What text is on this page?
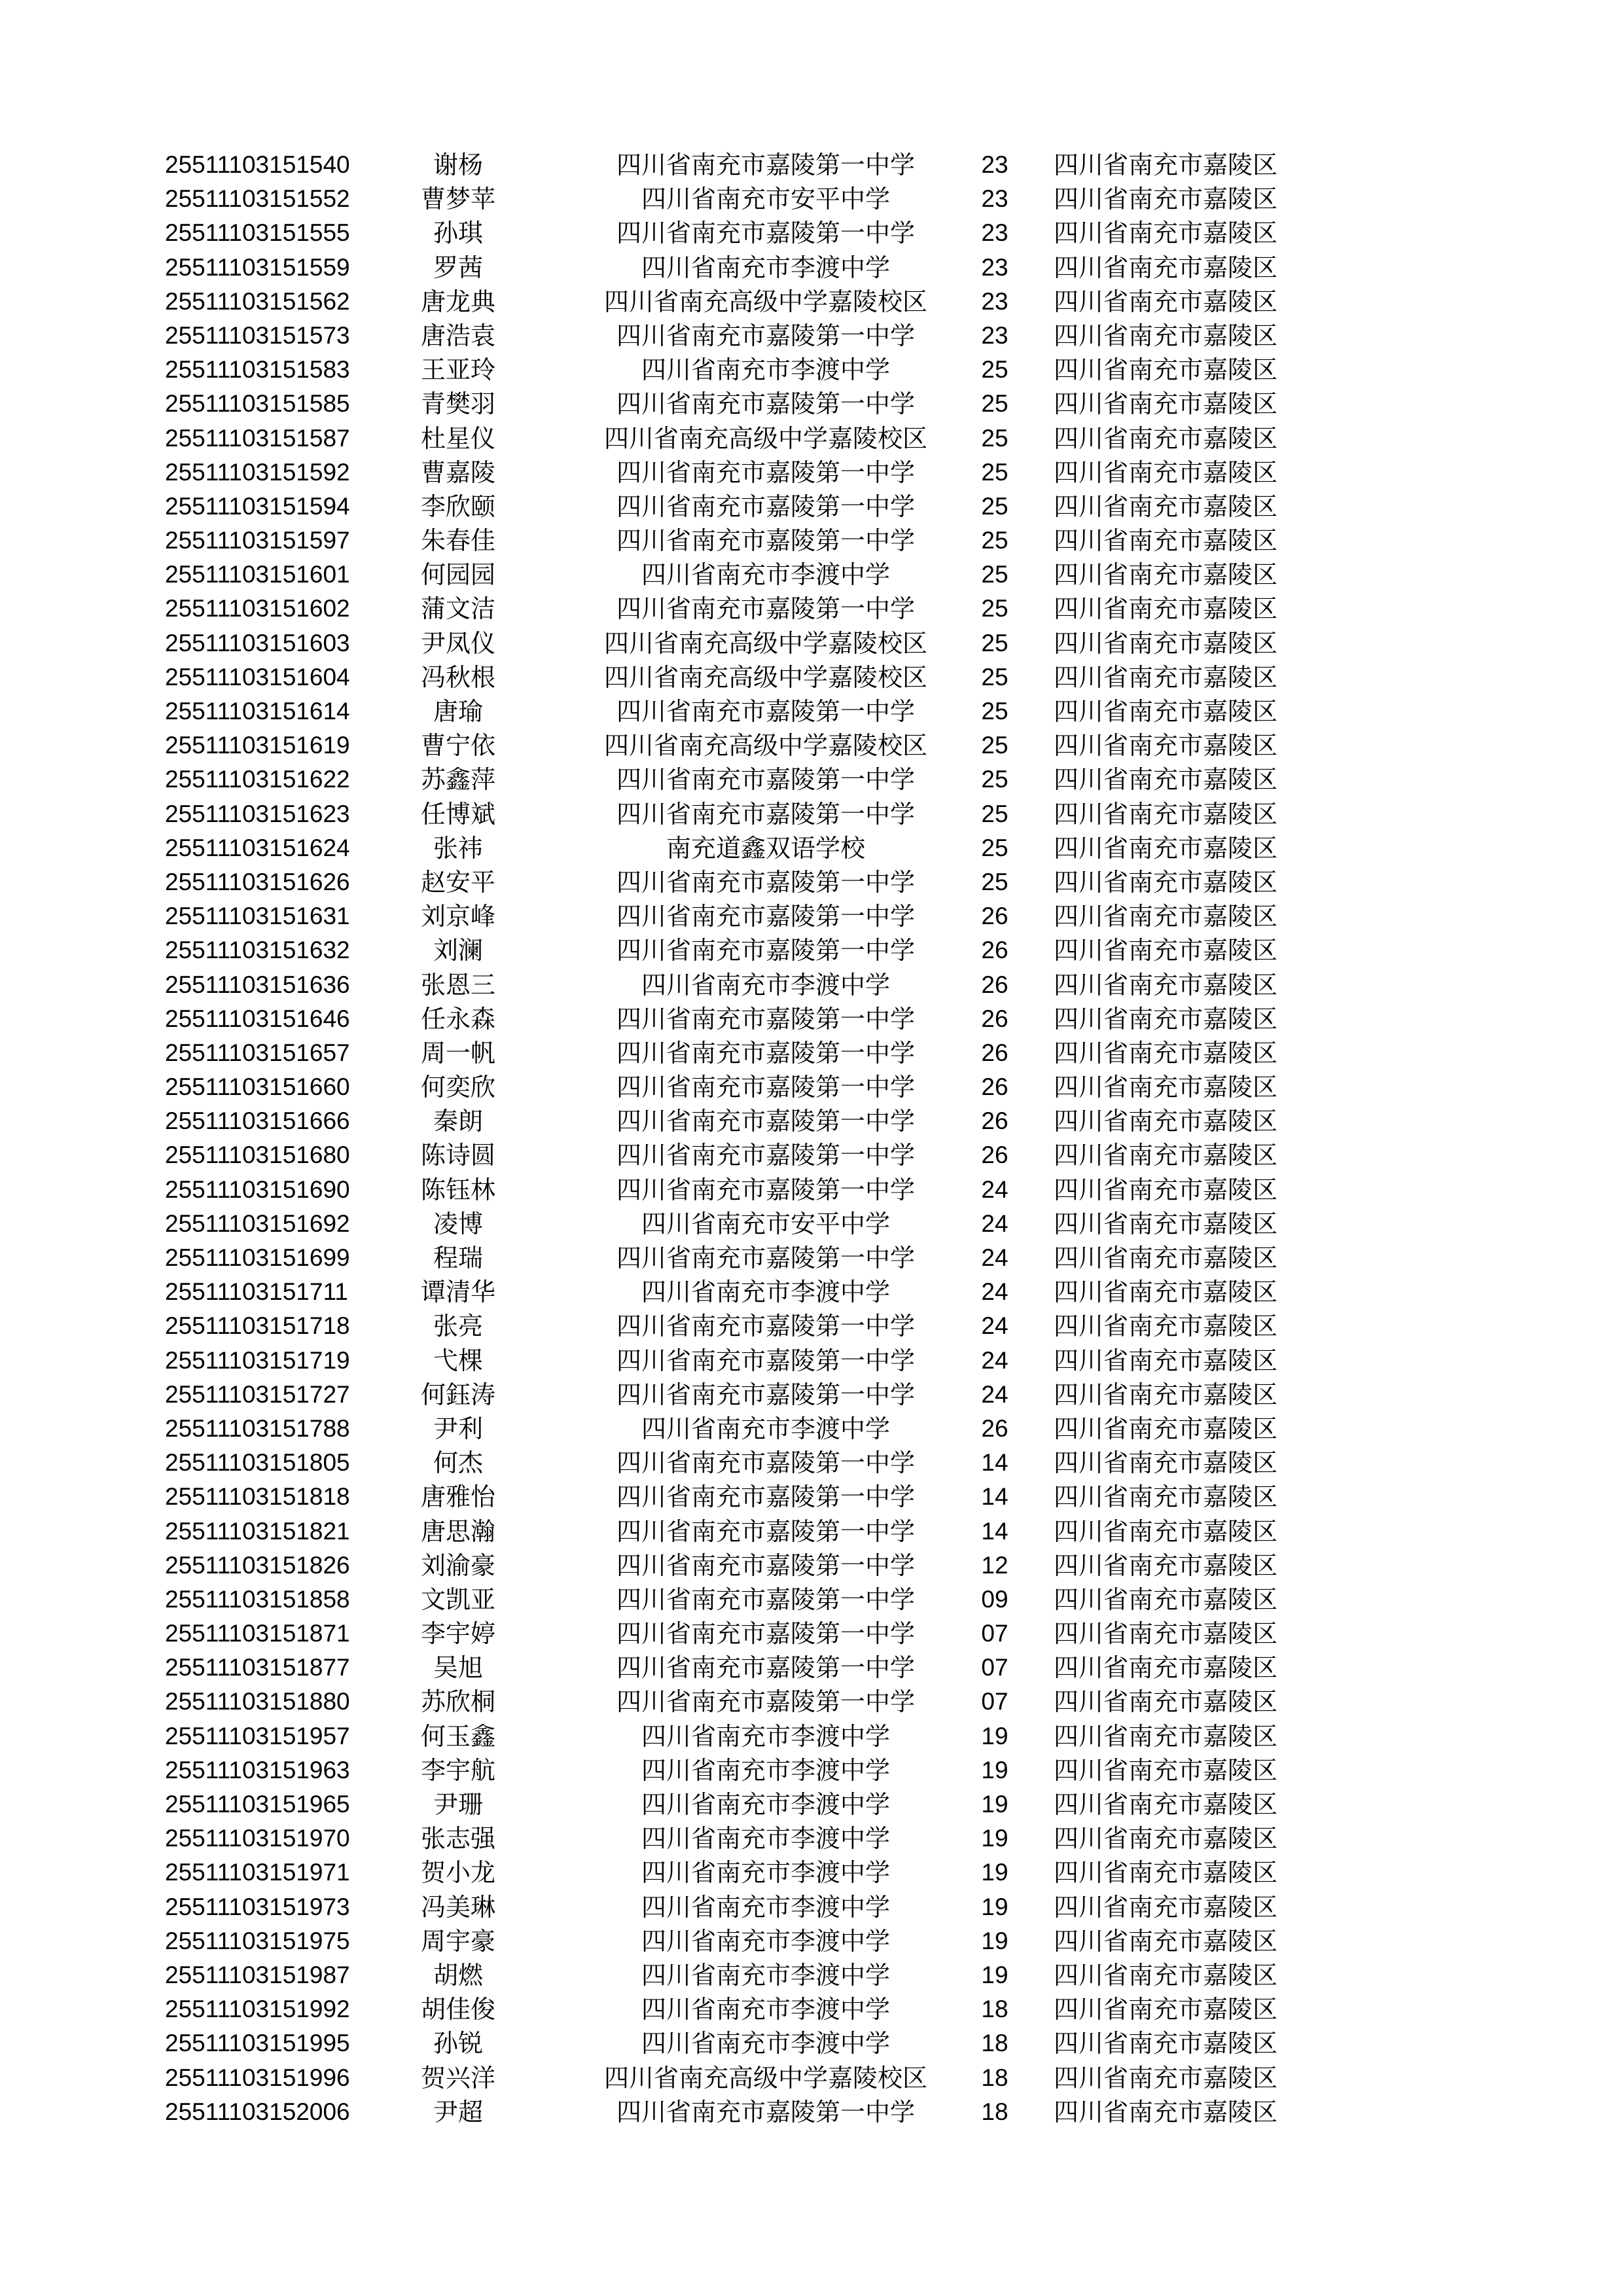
25511103151540	谢杨	四川省南充市嘉陵第一中学	23	四川省南充市嘉陵区
25511103151552	曹梦苹	四川省南充市安平中学	23	四川省南充市嘉陵区
25511103151555	孙琪	四川省南充市嘉陵第一中学	23	四川省南充市嘉陵区
25511103151559	罗茜	四川省南充市李渡中学	23	四川省南充市嘉陵区
25511103151562	唐龙典	四川省南充高级中学嘉陵校区	23	四川省南充市嘉陵区
25511103151573	唐浩袁	四川省南充市嘉陵第一中学	23	四川省南充市嘉陵区
25511103151583	王亚玲	四川省南充市李渡中学	25	四川省南充市嘉陵区
25511103151585	青樊羽	四川省南充市嘉陵第一中学	25	四川省南充市嘉陵区
25511103151587	杜星仪	四川省南充高级中学嘉陵校区	25	四川省南充市嘉陵区
25511103151592	曹嘉陵	四川省南充市嘉陵第一中学	25	四川省南充市嘉陵区
25511103151594	李欣颐	四川省南充市嘉陵第一中学	25	四川省南充市嘉陵区
25511103151597	朱春佳	四川省南充市嘉陵第一中学	25	四川省南充市嘉陵区
25511103151601	何园园	四川省南充市李渡中学	25	四川省南充市嘉陵区
25511103151602	蒲文洁	四川省南充市嘉陵第一中学	25	四川省南充市嘉陵区
25511103151603	尹凤仪	四川省南充高级中学嘉陵校区	25	四川省南充市嘉陵区
25511103151604	冯秋根	四川省南充高级中学嘉陵校区	25	四川省南充市嘉陵区
25511103151614	唐瑜	四川省南充市嘉陵第一中学	25	四川省南充市嘉陵区
25511103151619	曹宁依	四川省南充高级中学嘉陵校区	25	四川省南充市嘉陵区
25511103151622	苏鑫萍	四川省南充市嘉陵第一中学	25	四川省南充市嘉陵区
25511103151623	任博斌	四川省南充市嘉陵第一中学	25	四川省南充市嘉陵区
25511103151624	张祎	南充道鑫双语学校	25	四川省南充市嘉陵区
25511103151626	赵安平	四川省南充市嘉陵第一中学	25	四川省南充市嘉陵区
25511103151631	刘京峰	四川省南充市嘉陵第一中学	26	四川省南充市嘉陵区
25511103151632	刘澜	四川省南充市嘉陵第一中学	26	四川省南充市嘉陵区
25511103151636	张恩三	四川省南充市李渡中学	26	四川省南充市嘉陵区
25511103151646	任永森	四川省南充市嘉陵第一中学	26	四川省南充市嘉陵区
25511103151657	周一帆	四川省南充市嘉陵第一中学	26	四川省南充市嘉陵区
25511103151660	何奕欣	四川省南充市嘉陵第一中学	26	四川省南充市嘉陵区
25511103151666	秦朗	四川省南充市嘉陵第一中学	26	四川省南充市嘉陵区
25511103151680	陈诗圆	四川省南充市嘉陵第一中学	26	四川省南充市嘉陵区
25511103151690	陈钰林	四川省南充市嘉陵第一中学	24	四川省南充市嘉陵区
25511103151692	凌博	四川省南充市安平中学	24	四川省南充市嘉陵区
25511103151699	程瑞	四川省南充市嘉陵第一中学	24	四川省南充市嘉陵区
25511103151711	谭清华	四川省南充市李渡中学	24	四川省南充市嘉陵区
25511103151718	张亮	四川省南充市嘉陵第一中学	24	四川省南充市嘉陵区
25511103151719	弋棵	四川省南充市嘉陵第一中学	24	四川省南充市嘉陵区
25511103151727	何鈺涛	四川省南充市嘉陵第一中学	24	四川省南充市嘉陵区
25511103151788	尹利	四川省南充市李渡中学	26	四川省南充市嘉陵区
25511103151805	何杰	四川省南充市嘉陵第一中学	14	四川省南充市嘉陵区
25511103151818	唐雅怡	四川省南充市嘉陵第一中学	14	四川省南充市嘉陵区
25511103151821	唐思瀚	四川省南充市嘉陵第一中学	14	四川省南充市嘉陵区
25511103151826	刘渝豪	四川省南充市嘉陵第一中学	12	四川省南充市嘉陵区
25511103151858	文凯亚	四川省南充市嘉陵第一中学	09	四川省南充市嘉陵区
25511103151871	李宇婷	四川省南充市嘉陵第一中学	07	四川省南充市嘉陵区
25511103151877	吴旭	四川省南充市嘉陵第一中学	07	四川省南充市嘉陵区
25511103151880	苏欣桐	四川省南充市嘉陵第一中学	07	四川省南充市嘉陵区
25511103151957	何玉鑫	四川省南充市李渡中学	19	四川省南充市嘉陵区
25511103151963	李宇航	四川省南充市李渡中学	19	四川省南充市嘉陵区
25511103151965	尹珊	四川省南充市李渡中学	19	四川省南充市嘉陵区
25511103151970	张志强	四川省南充市李渡中学	19	四川省南充市嘉陵区
25511103151971	贺小龙	四川省南充市李渡中学	19	四川省南充市嘉陵区
25511103151973	冯美琳	四川省南充市李渡中学	19	四川省南充市嘉陵区
25511103151975	周宇豪	四川省南充市李渡中学	19	四川省南充市嘉陵区
25511103151987	胡燃	四川省南充市李渡中学	19	四川省南充市嘉陵区
25511103151992	胡佳俊	四川省南充市李渡中学	18	四川省南充市嘉陵区
25511103151995	孙锐	四川省南充市李渡中学	18	四川省南充市嘉陵区
25511103151996	贺兴洋	四川省南充高级中学嘉陵校区	18	四川省南充市嘉陵区
25511103152006	尹超	四川省南充市嘉陵第一中学	18	四川省南充市嘉陵区
